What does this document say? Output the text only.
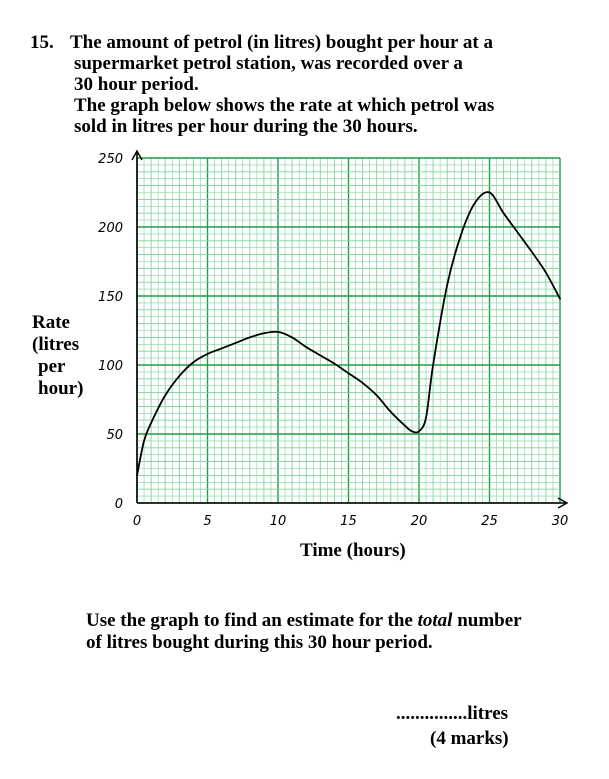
15. The amount of petrol (in litres) bought per hour at a
supermarket petrol station, was recorded over a
30 hour period.
The graph below shows the rate at which petrol was
sold in litres per hour during the 30 hours.
0	5	10	15	20	25	30
0
50
100
150
200
250
Rate
(litres
per
hour)
Time (hours)
Use the graph to find an estimate for the total number
of litres bought during this 30 hour period.
...............litres
(4 marks)
